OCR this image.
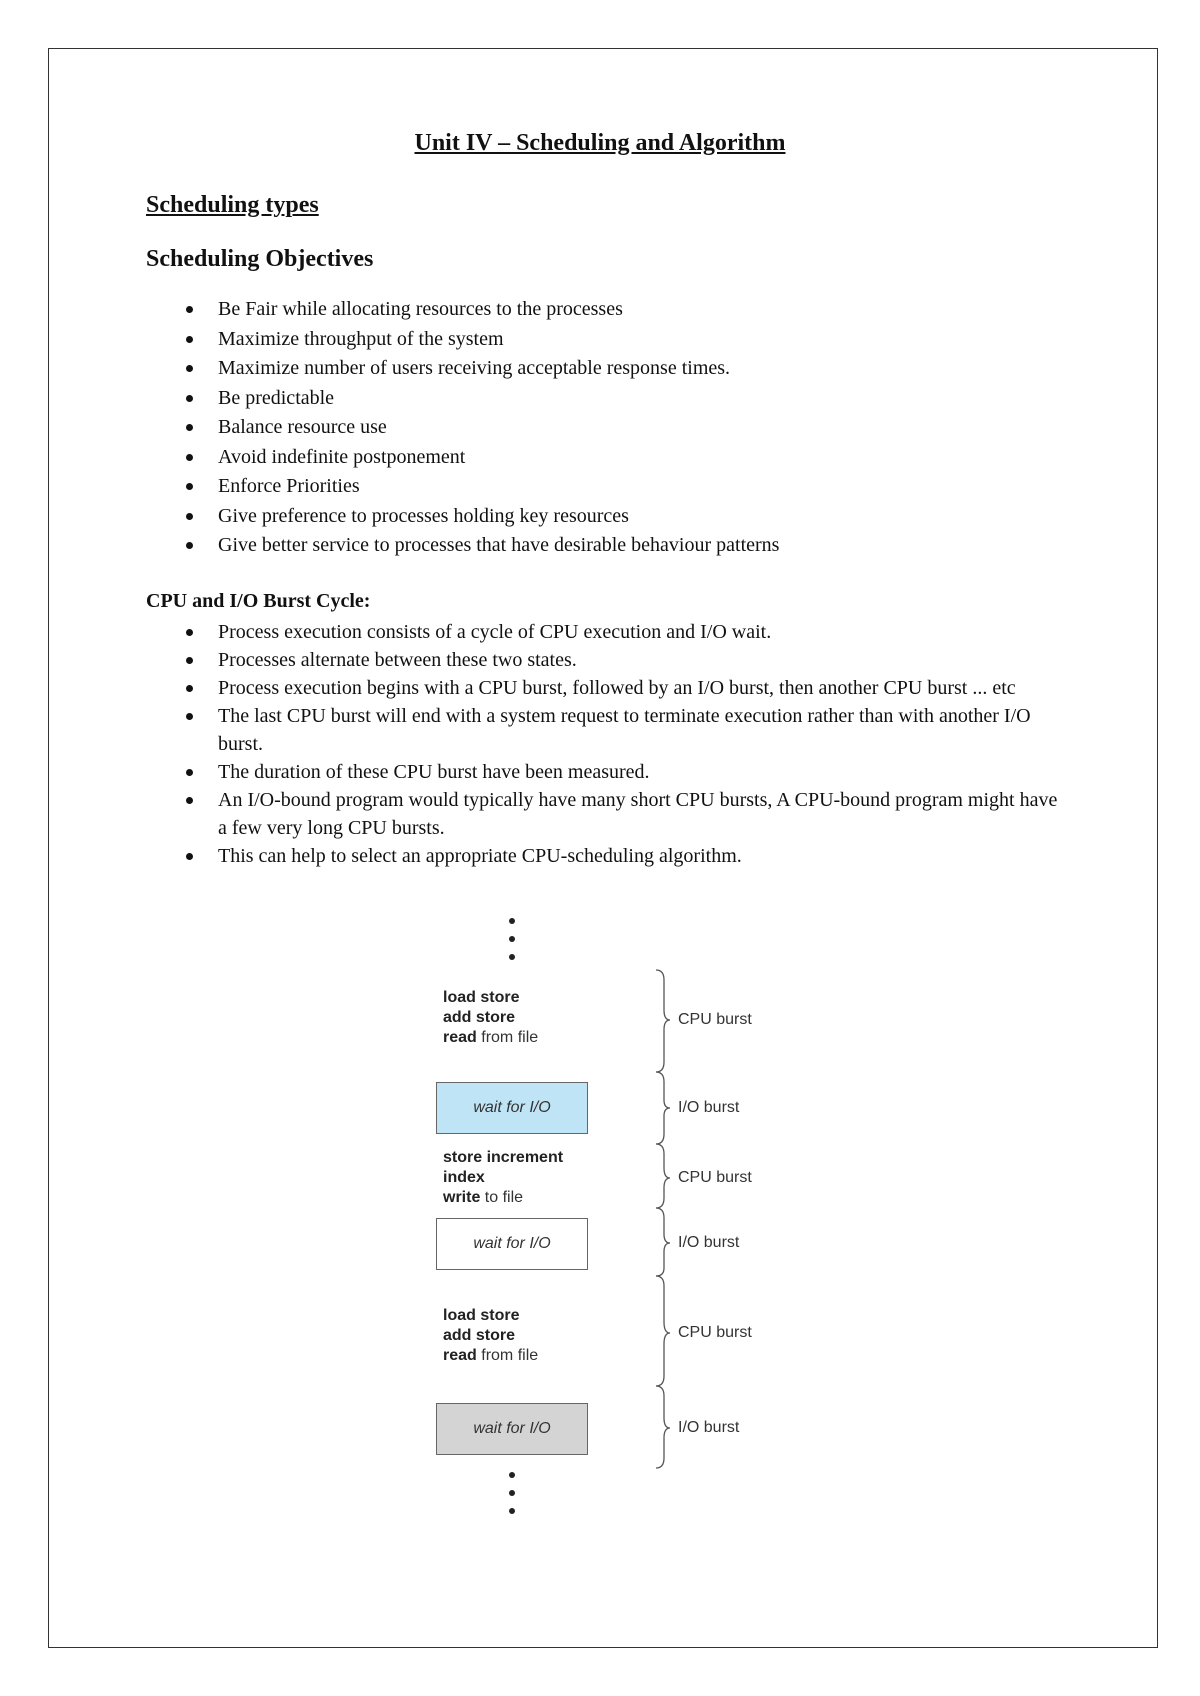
Unit IV – Scheduling and Algorithm
Scheduling types
Scheduling Objectives
Be Fair while allocating resources to the processes
Maximize throughput of the system
Maximize number of users receiving acceptable response times.
Be predictable
Balance resource use
Avoid indefinite postponement
Enforce Priorities
Give preference to processes holding key resources
Give better service to processes that have desirable behaviour patterns
CPU and I/O Burst Cycle:
Process execution consists of a cycle of CPU execution and I/O wait.
Processes alternate between these two states.
Process execution begins with a CPU burst, followed by an I/O burst, then another CPU burst ... etc
The last CPU burst will end with a system request to terminate execution rather than with another I/O burst.
The duration of these CPU burst have been measured.
An I/O-bound program would typically have many short CPU bursts, A CPU-bound program might have a few very long CPU bursts.
This can help to select an appropriate CPU-scheduling algorithm.
load store
add store
read from file
wait for I/O
store increment
index
write to file
wait for I/O
load store
add store
read from file
wait for I/O
CPU burst
I/O burst
CPU burst
I/O burst
CPU burst
I/O burst
